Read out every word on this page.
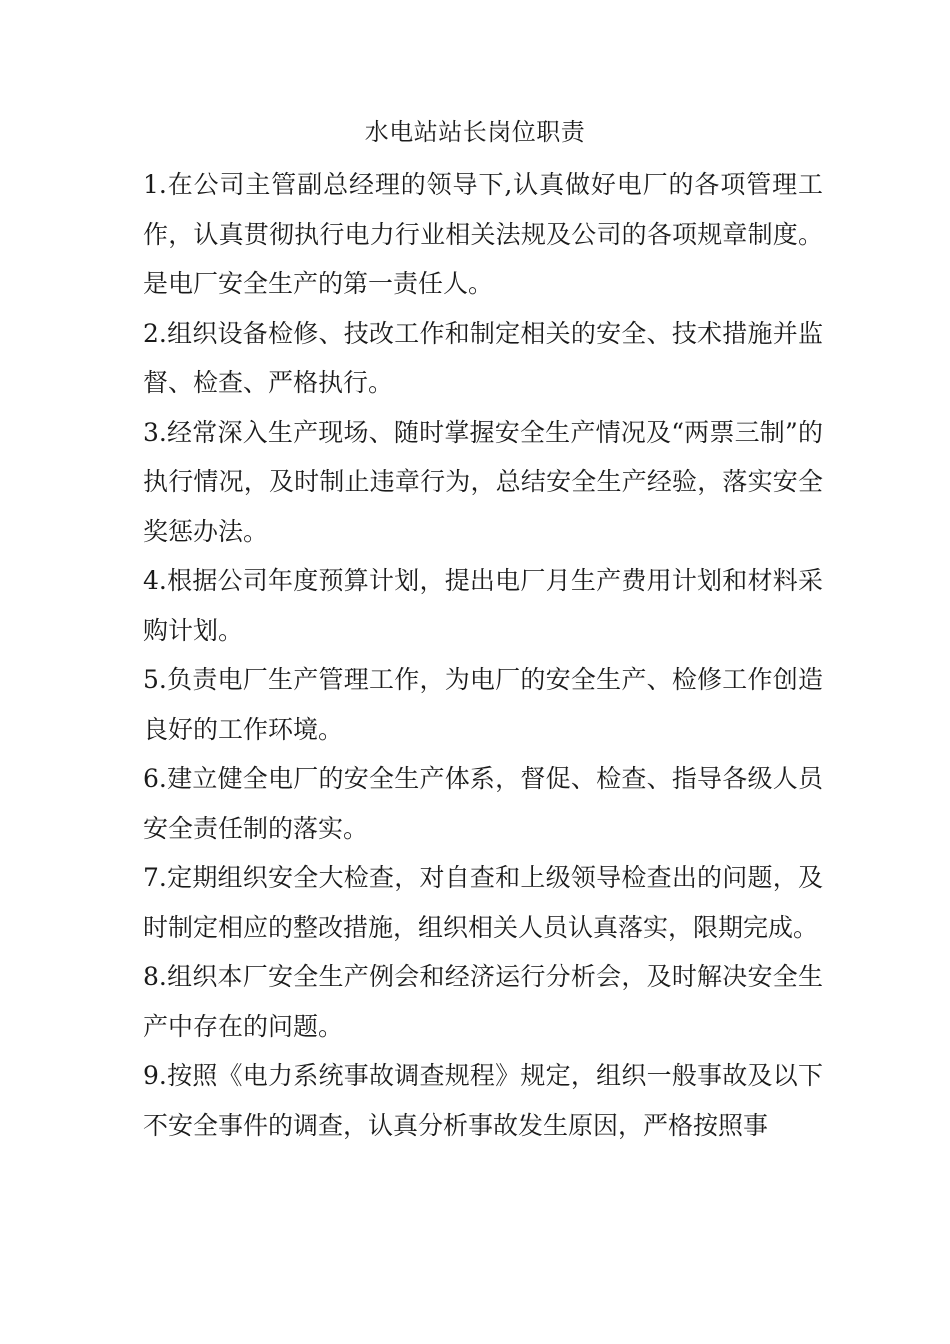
水电站站长岗位职责

1.在公司主管副总经理的领导下,认真做好电厂的各项管理工作，认真贯彻执行电力行业相关法规及公司的各项规章制度。是电厂安全生产的第一责任人。

2.组织设备检修、技改工作和制定相关的安全、技术措施并监督、检查、严格执行。

3.经常深入生产现场、随时掌握安全生产情况及“两票三制”的执行情况，及时制止违章行为，总结安全生产经验，落实安全奖惩办法。

4.根据公司年度预算计划，提出电厂月生产费用计划和材料采购计划。

5.负责电厂生产管理工作，为电厂的安全生产、检修工作创造良好的工作环境。

6.建立健全电厂的安全生产体系，督促、检查、指导各级人员安全责任制的落实。

7.定期组织安全大检查，对自查和上级领导检查出的问题，及时制定相应的整改措施，组织相关人员认真落实，限期完成。

8.组织本厂安全生产例会和经济运行分析会，及时解决安全生产中存在的问题。

9.按照《电力系统事故调查规程》规定，组织一般事故及以下不安全事件的调查，认真分析事故发生原因，严格按照事
